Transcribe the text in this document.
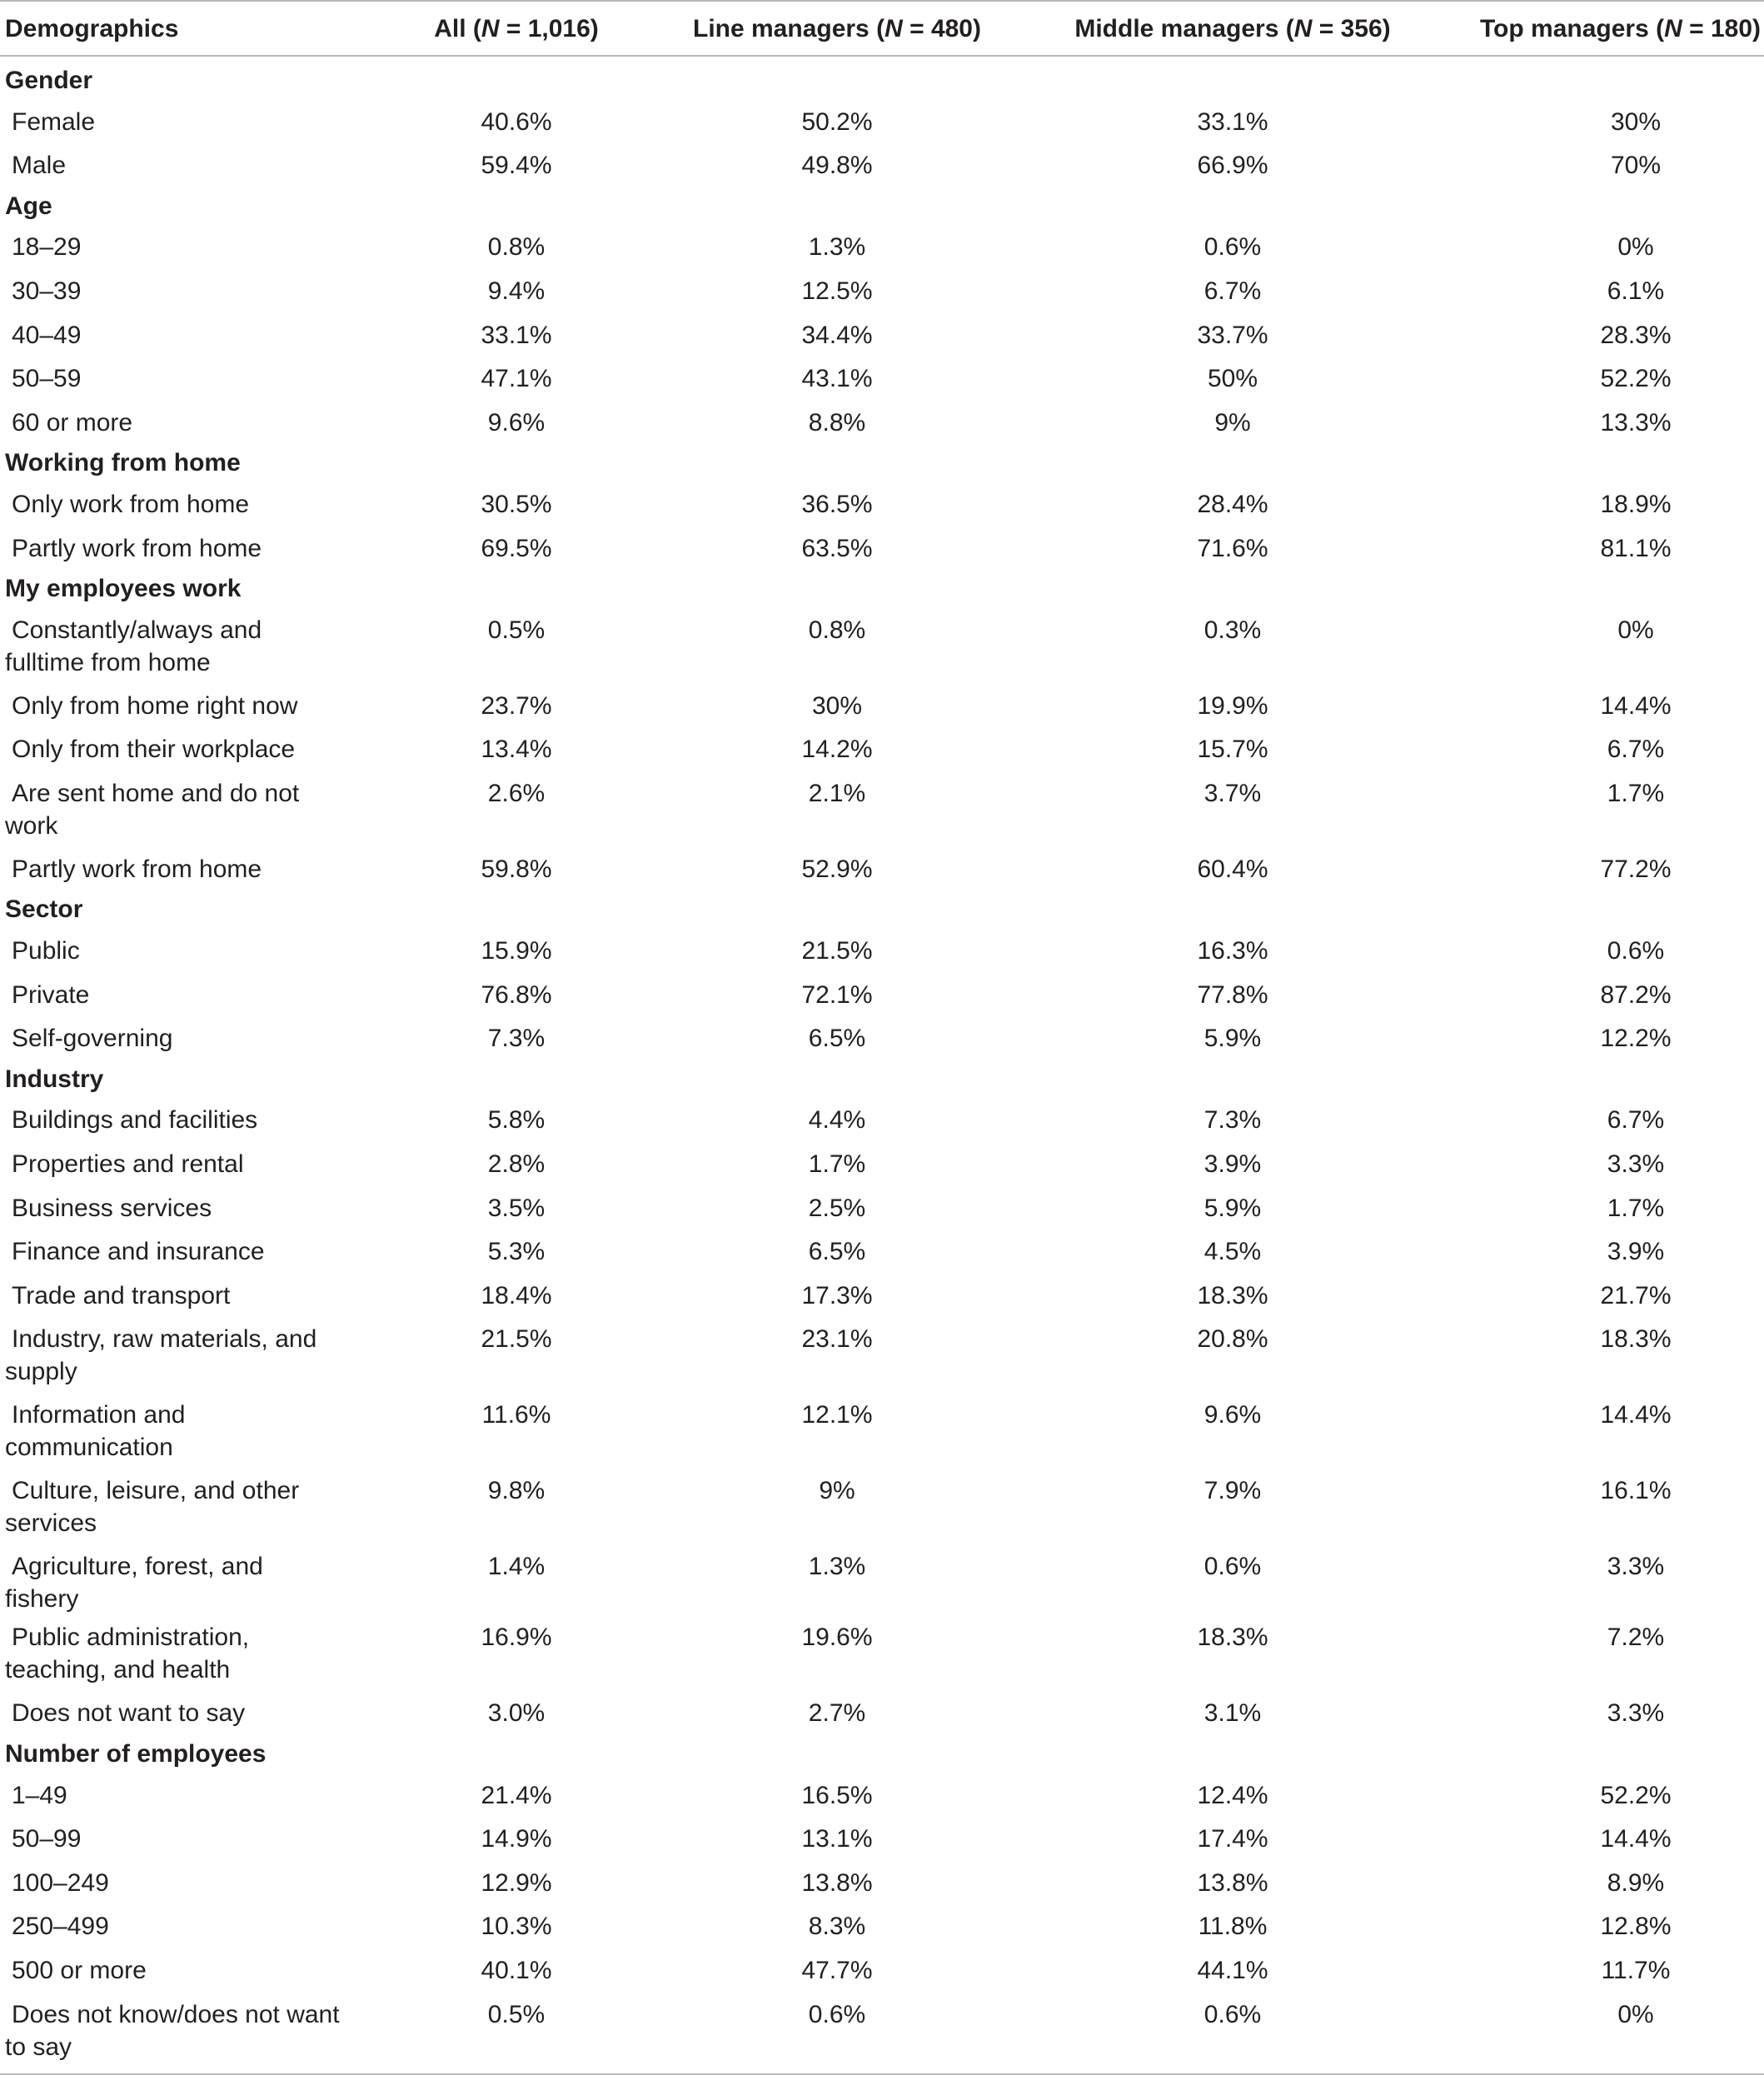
Demographics	All (N = 1,016)	Line managers (N = 480)	Middle managers (N = 356)	Top managers (N = 180)
Gender				
Female	40.6%	50.2%	33.1%	30%
Male	59.4%	49.8%	66.9%	70%
Age				
18–29	0.8%	1.3%	0.6%	0%
30–39	9.4%	12.5%	6.7%	6.1%
40–49	33.1%	34.4%	33.7%	28.3%
50–59	47.1%	43.1%	50%	52.2%
60 or more	9.6%	8.8%	9%	13.3%
Working from home				
Only work from home	30.5%	36.5%	28.4%	18.9%
Partly work from home	69.5%	63.5%	71.6%	81.1%
My employees work				
Constantly/always and fulltime from home	0.5%	0.8%	0.3%	0%
Only from home right now	23.7%	30%	19.9%	14.4%
Only from their workplace	13.4%	14.2%	15.7%	6.7%
Are sent home and do not work	2.6%	2.1%	3.7%	1.7%
Partly work from home	59.8%	52.9%	60.4%	77.2%
Sector				
Public	15.9%	21.5%	16.3%	0.6%
Private	76.8%	72.1%	77.8%	87.2%
Self-governing	7.3%	6.5%	5.9%	12.2%
Industry				
Buildings and facilities	5.8%	4.4%	7.3%	6.7%
Properties and rental	2.8%	1.7%	3.9%	3.3%
Business services	3.5%	2.5%	5.9%	1.7%
Finance and insurance	5.3%	6.5%	4.5%	3.9%
Trade and transport	18.4%	17.3%	18.3%	21.7%
Industry, raw materials, and supply	21.5%	23.1%	20.8%	18.3%
Information and communication	11.6%	12.1%	9.6%	14.4%
Culture, leisure, and other services	9.8%	9%	7.9%	16.1%
Agriculture, forest, and fishery	1.4%	1.3%	0.6%	3.3%
Public administration, teaching, and health	16.9%	19.6%	18.3%	7.2%
Does not want to say	3.0%	2.7%	3.1%	3.3%
Number of employees				
1–49	21.4%	16.5%	12.4%	52.2%
50–99	14.9%	13.1%	17.4%	14.4%
100–249	12.9%	13.8%	13.8%	8.9%
250–499	10.3%	8.3%	11.8%	12.8%
500 or more	40.1%	47.7%	44.1%	11.7%
Does not know/does not want to say	0.5%	0.6%	0.6%	0%
